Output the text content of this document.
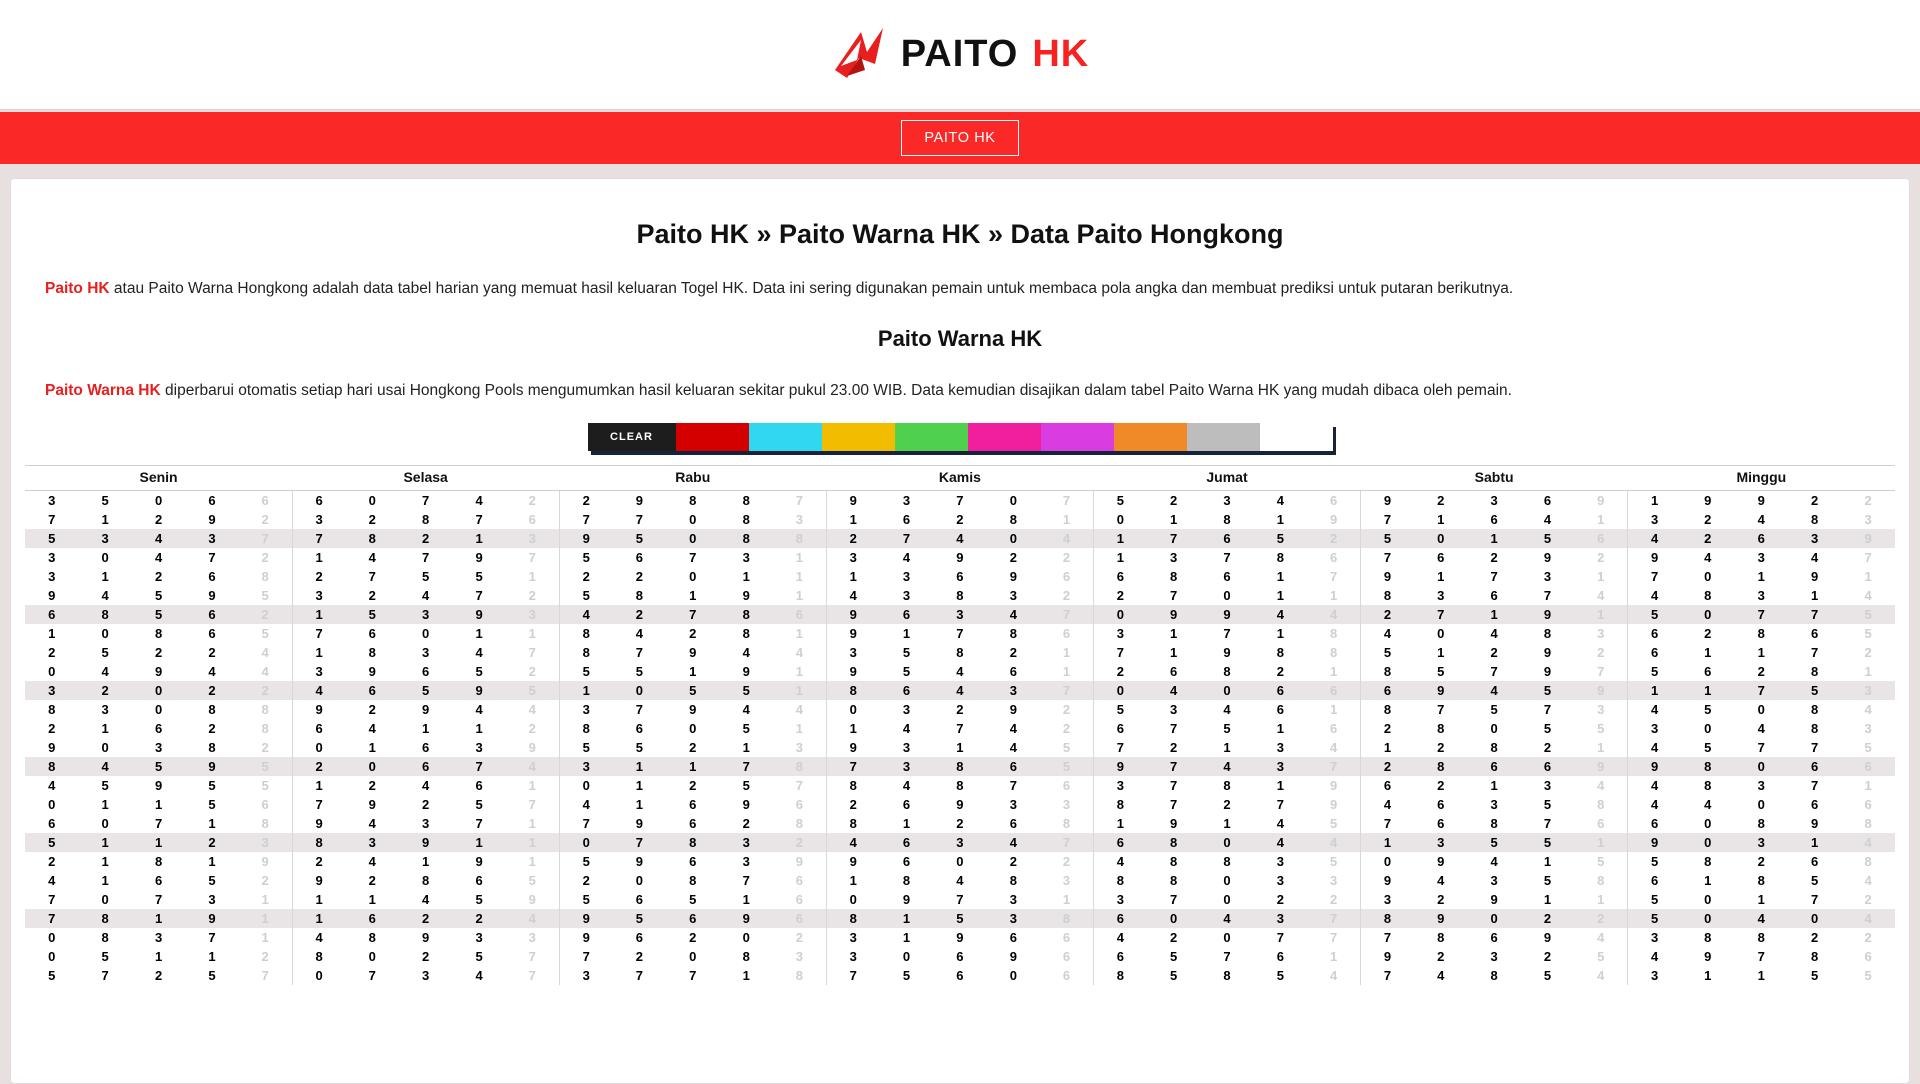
PAITO HK
PAITO HK
Paito HK » Paito Warna HK » Data Paito Hongkong

Paito HK atau Paito Warna Hongkong adalah data tabel harian yang memuat hasil keluaran Togel HK. Data ini sering digunakan pemain untuk membaca pola angka dan membuat prediksi untuk putaran berikutnya.

Paito Warna HK

Paito Warna HK diperbarui otomatis setiap hari usai Hongkong Pools mengumumkan hasil keluaran sekitar pukul 23.00 WIB. Data kemudian disajikan dalam tabel Paito Warna HK yang mudah dibaca oleh pemain.

CLEAR
Senin					Selasa					Rabu					Kamis					Jumat					Sabtu					Minggu				
3	5	0	6	6	6	0	7	4	2	2	9	8	8	7	9	3	7	0	7	5	2	3	4	6	9	2	3	6	9	1	9	9	2	2
7	1	2	9	2	3	2	8	7	6	7	7	0	8	3	1	6	2	8	1	0	1	8	1	9	7	1	6	4	1	3	2	4	8	3
5	3	4	3	7	7	8	2	1	3	9	5	0	8	8	2	7	4	0	4	1	7	6	5	2	5	0	1	5	6	4	2	6	3	9
3	0	4	7	2	1	4	7	9	7	5	6	7	3	1	3	4	9	2	2	1	3	7	8	6	7	6	2	9	2	9	4	3	4	7
3	1	2	6	8	2	7	5	5	1	2	2	0	1	1	1	3	6	9	6	6	8	6	1	7	9	1	7	3	1	7	0	1	9	1
9	4	5	9	5	3	2	4	7	2	5	8	1	9	1	4	3	8	3	2	2	7	0	1	1	8	3	6	7	4	4	8	3	1	4
6	8	5	6	2	1	5	3	9	3	4	2	7	8	6	9	6	3	4	7	0	9	9	4	4	2	7	1	9	1	5	0	7	7	5
1	0	8	6	5	7	6	0	1	1	8	4	2	8	1	9	1	7	8	6	3	1	7	1	8	4	0	4	8	3	6	2	8	6	5
2	5	2	2	4	1	8	3	4	7	8	7	9	4	4	3	5	8	2	1	7	1	9	8	8	5	1	2	9	2	6	1	1	7	2
0	4	9	4	4	3	9	6	5	2	5	5	1	9	1	9	5	4	6	1	2	6	8	2	1	8	5	7	9	7	5	6	2	8	1
3	2	0	2	2	4	6	5	9	5	1	0	5	5	1	8	6	4	3	7	0	4	0	6	6	6	9	4	5	9	1	1	7	5	3
8	3	0	8	8	9	2	9	4	4	3	7	9	4	4	0	3	2	9	2	5	3	4	6	1	8	7	5	7	3	4	5	0	8	4
2	1	6	2	8	6	4	1	1	2	8	6	0	5	1	1	4	7	4	2	6	7	5	1	6	2	8	0	5	5	3	0	4	8	3
9	0	3	8	2	0	1	6	3	9	5	5	2	1	3	9	3	1	4	5	7	2	1	3	4	1	2	8	2	1	4	5	7	7	5
8	4	5	9	5	2	0	6	7	4	3	1	1	7	8	7	3	8	6	5	9	7	4	3	7	2	8	6	6	9	9	8	0	6	6
4	5	9	5	5	1	2	4	6	1	0	1	2	5	7	8	4	8	7	6	3	7	8	1	9	6	2	1	3	4	4	8	3	7	1
0	1	1	5	6	7	9	2	5	7	4	1	6	9	6	2	6	9	3	3	8	7	2	7	9	4	6	3	5	8	4	4	0	6	6
6	0	7	1	8	9	4	3	7	1	7	9	6	2	8	8	1	2	6	8	1	9	1	4	5	7	6	8	7	6	6	0	8	9	8
5	1	1	2	3	8	3	9	1	1	0	7	8	3	2	4	6	3	4	7	6	8	0	4	4	1	3	5	5	1	9	0	3	1	4
2	1	8	1	9	2	4	1	9	1	5	9	6	3	9	9	6	0	2	2	4	8	8	3	5	0	9	4	1	5	5	8	2	6	8
4	1	6	5	2	9	2	8	6	5	2	0	8	7	6	1	8	4	8	3	8	8	0	3	3	9	4	3	5	8	6	1	8	5	4
7	0	7	3	1	1	1	4	5	9	5	6	5	1	6	0	9	7	3	1	3	7	0	2	2	3	2	9	1	1	5	0	1	7	2
7	8	1	9	1	1	6	2	2	4	9	5	6	9	6	8	1	5	3	8	6	0	4	3	7	8	9	0	2	2	5	0	4	0	4
0	8	3	7	1	4	8	9	3	3	9	6	2	0	2	3	1	9	6	6	4	2	0	7	7	7	8	6	9	4	3	8	8	2	2
0	5	1	1	2	8	0	2	5	7	7	2	0	8	3	3	0	6	9	6	6	5	7	6	1	9	2	3	2	5	4	9	7	8	6
5	7	2	5	7	0	7	3	4	7	3	7	7	1	8	7	5	6	0	6	8	5	8	5	4	7	4	8	5	4	3	1	1	5	5
